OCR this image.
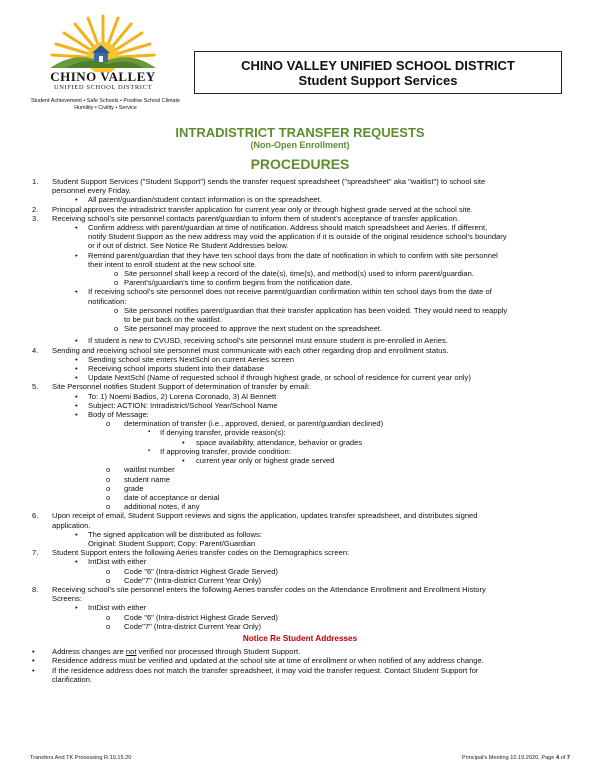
CHINO VALLEY
UNIFIED SCHOOL DISTRICT
Student Achievement • Safe Schools • Positive School Climate
Humility • Civility • Service
CHINO VALLEY UNIFIED SCHOOL DISTRICT
Student Support Services
INTRADISTRICT TRANSFER REQUESTS
(Non-Open Enrollment)
PROCEDURES
1. Student Support Services ("Student Support") sends the transfer request spreadsheet ("spreadsheet" aka "waitlist") to school site
personnel every Friday.
• All parent/guardian/student contact information is on the spreadsheet.
2. Principal approves the intradistrict transfer application for current year only or through highest grade served at the school site.
3. Receiving school’s site personnel contacts parent/guardian to inform them of student’s acceptance of transfer application.
• Confirm address with parent/guardian at time of notification. Address should match spreadsheet and Aeries. If different,
notify Student Support as the new address may void the application if it is outside of the original residence school’s boundary
or if out of district. See Notice Re Student Addresses below.
• Remind parent/guardian that they have ten school days from the date of notification in which to confirm with site personnel
their intent to enroll student at the new school site.
o Site personnel shall keep a record of the date(s), time(s), and method(s) used to inform parent/guardian.
o Parent's/guardian's time to confirm begins from the notification date.
• If receiving school’s site personnel does not receive parent/guardian confirmation within ten school days from the date of
notification:
o Site personnel notifies parent/guardian that their transfer application has been voided. They would need to reapply
to be put back on the waitlist.
o Site personnel may proceed to approve the next student on the spreadsheet.
• If student is new to CVUSD, receiving school’s site personnel must ensure student is pre-enrolled in Aeries.
4. Sending and receiving school site personnel must communicate with each other regarding drop and enrollment status.
• Sending school site enters NextSchl on current Aeries screen
• Receiving school imports student into their database
• Update NextSchl (Name of requested school if through highest grade, or school of residence for current year only)
5. Site Personnel notifies Student Support of determination of transfer by email:
• To: 1) Noemi Badios, 2) Lorena Coronado, 3) Al Bennett
• Subject: ACTION: Intradistrict/School Year/School Name
• Body of Message:
o determination of transfer (i.e., approved, denied, or parent/guardian declined)
▪ If denying transfer, provide reason(s):
• space availability, attendance, behavior or grades
▪ If approving transfer, provide condition:
• current year only or highest grade served
o waitlist number
o student name
o grade
o date of acceptance or denial
o additional notes, if any
6. Upon receipt of email, Student Support reviews and signs the application, updates transfer spreadsheet, and distributes signed
application.
• The signed application will be distributed as follows:
Original: Student Support; Copy: Parent/Guardian
7. Student Support enters the following Aeries transfer codes on the Demographics screen:
• IntDist with either
o Code "6" (Intra-district Highest Grade Served)
o Code"7" (Intra-district Current Year Only)
8. Receiving school’s site personnel enters the following Aeries transfer codes on the Attendance Enrollment and Enrollment History
Screens:
• IntDist with either
o Code "6" (Intra-district Highest Grade Served)
o Code"7" (Intra-district Current Year Only)
Notice Re Student Addresses
• Address changes are not verified nor processed through Student Support.
• Residence address must be verified and updated at the school site at time of enrollment or when notified of any address change.
• If the residence address does not match the transfer spreadsheet, it may void the transfer request. Contact Student Support for
clarification.
Transfers And TK Processing R.10.15.20	Principal's Meeting 10.19.2020, Page 4 of 7
